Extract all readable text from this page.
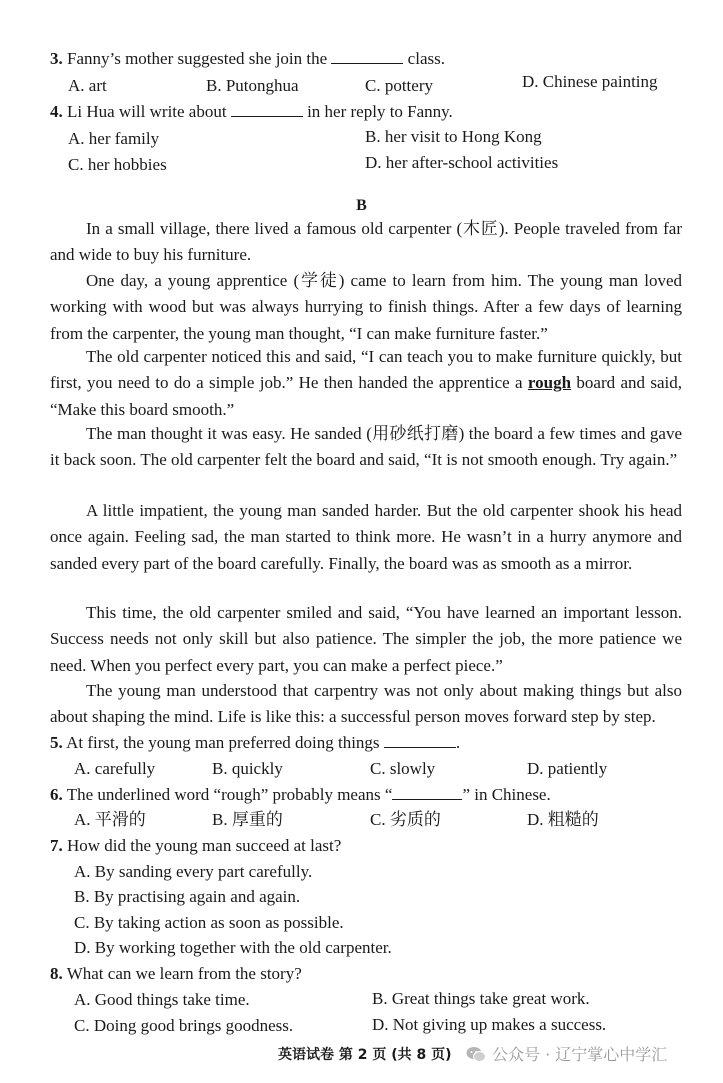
3. Fanny’s mother suggested she join the	class.
A. art	B. Putonghua	C. pottery	D. Chinese painting
4. Li Hua will write about	in her reply to Fanny.
A. her family	B. her visit to Hong Kong
C. her hobbies	D. her after-school activities
B
In a small village, there lived a famous old carpenter (木匠). People traveled from far and wide to buy his furniture.
One day, a young apprentice (学徒) came to learn from him. The young man loved working with wood but was always hurrying to finish things. After a few days of learning from the carpenter, the young man thought, “I can make furniture faster.”
The old carpenter noticed this and said, “I can teach you to make furniture quickly, but first, you need to do a simple job.” He then handed the apprentice a rough board and said, “Make this board smooth.”
The man thought it was easy. He sanded (用砂纸打磨) the board a few times and gave it back soon. The old carpenter felt the board and said, “It is not smooth enough. Try again.”
A little impatient, the young man sanded harder. But the old carpenter shook his head once again. Feeling sad, the man started to think more. He wasn’t in a hurry anymore and sanded every part of the board carefully. Finally, the board was as smooth as a mirror.
This time, the old carpenter smiled and said, “You have learned an important lesson. Success needs not only skill but also patience. The simpler the job, the more patience we need. When you perfect every part, you can make a perfect piece.”
The young man understood that carpentry was not only about making things but also about shaping the mind. Life is like this: a successful person moves forward step by step.
5. At first, the young man preferred doing things	.
A. carefully	B. quickly	C. slowly	D. patiently
6. The underlined word “rough” probably means “	” in Chinese.
A. 平滑的	B. 厚重的	C. 劣质的	D. 粗糙的
7. How did the young man succeed at last?
A. By sanding every part carefully.
B. By practising again and again.
C. By taking action as soon as possible.
D. By working together with the old carpenter.
8. What can we learn from the story?
A. Good things take time.	B. Great things take great work.
C. Doing good brings goodness.	D. Not giving up makes a success.
英语试卷 第 2 页 (共 8 页)	公众号 · 辽宁掌心中学汇
